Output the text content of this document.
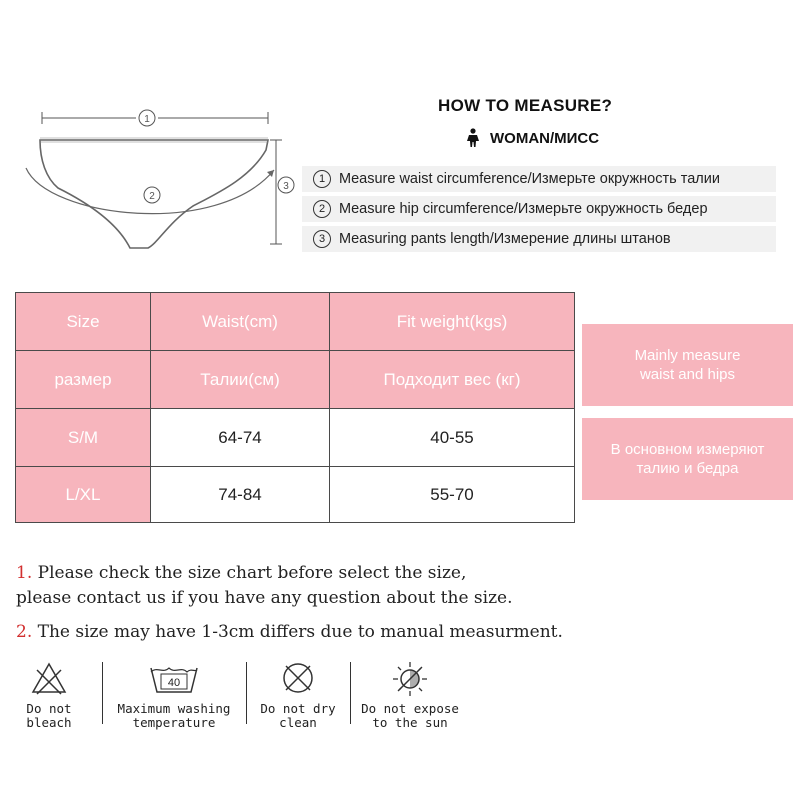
1
2
3
HOW TO MEASURE?
WOMAN/МИСС
1 Measure waist circumference/Измерьте окружность талии
2 Measure hip circumference/Измерьте окружность бедер
3 Measuring pants length/Измерение длины штанов
Size	Waist(cm)	Fit weight(kgs)
размер	Талии(см)	Подходит вес (кг)
S/M	64-74	40-55
L/XL	74-84	55-70
Mainly measure waist and hips
В основном измеряют талию и бедра
1. Please check the size chart before select the size,
please contact us if you have any question about the size.
2. The size may have 1-3cm differs due to manual measurment.
Do not
bleach
40
Maximum washing
temperature
Do not dry
clean
Do not expose
to the sun
